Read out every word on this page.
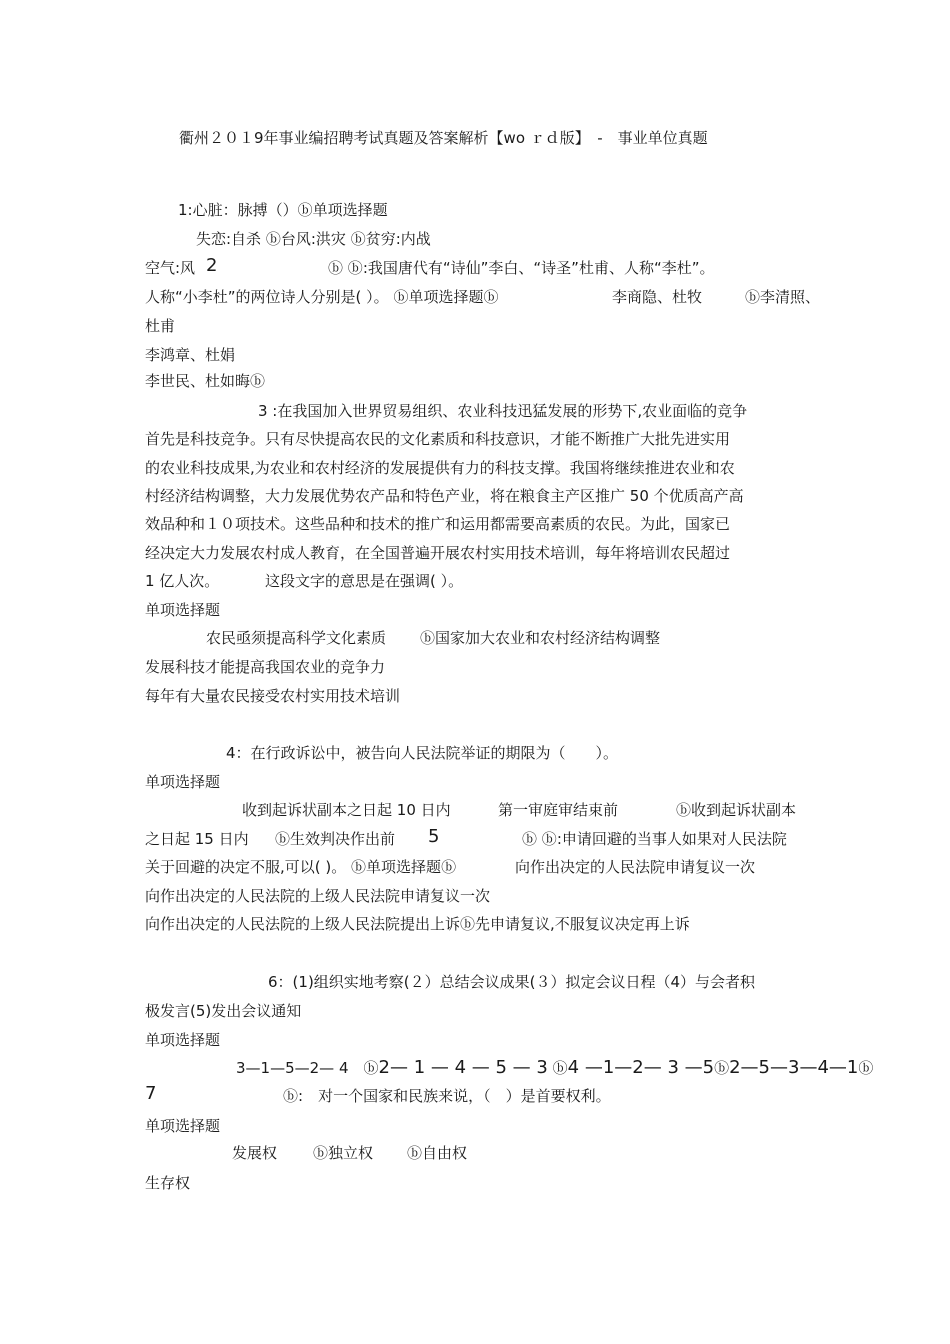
衢州２０１9年事业编招聘考试真题及答案解析【wo ｒｄ版】　-　事业单位真题
1:心脏：脉搏（）ⓑ单项选择题
失恋:自杀 ⓑ台风:洪灾 ⓑ贫穷:内战
空气:风 2	ⓑ ⓑ:我国唐代有“诗仙”李白、“诗圣”杜甫、人称“李杜”。
人称“小李杜”的两位诗人分别是( ）。 ⓑ单项选择题ⓑ	李商隐、杜牧	ⓑ李清照、
杜甫
李鸿章、杜娟
李世民、杜如晦ⓑ
3 :在我国加入世界贸易组织、农业科技迅猛发展的形势下,农业面临的竞争
首先是科技竞争。只有尽快提高农民的文化素质和科技意识，才能不断推广大批先进实用
的农业科技成果,为农业和农村经济的发展提供有力的科技支撑。我国将继续推进农业和农
村经济结构调整，大力发展优势农产品和特色产业，将在粮食主产区推广 50 个优质高产高
效品种和１０项技术。这些品种和技术的推广和运用都需要高素质的农民。为此，国家已
经决定大力发展农村成人教育，在全国普遍开展农村实用技术培训，每年将培训农民超过
1 亿人次。	这段文字的意思是在强调( ）。
单项选择题
农民亟须提高科学文化素质 ⓑ国家加大农业和农村经济结构调整
发展科技才能提高我国农业的竞争力
每年有大量农民接受农村实用技术培训
4：在行政诉讼中，被告向人民法院举证的期限为（　　）。
单项选择题
收到起诉状副本之日起 10 日内	第一审庭审结束前	ⓑ收到起诉状副本
之日起 15 日内 ⓑ生效判决作出前 5	ⓑ ⓑ:申请回避的当事人如果对人民法院
关于回避的决定不服,可以( )。 ⓑ单项选择题ⓑ	向作出决定的人民法院申请复议一次
向作出决定的人民法院的上级人民法院申请复议一次
向作出决定的人民法院的上级人民法院提出上诉ⓑ先申请复议,不服复议决定再上诉
6：(1)组织实地考察(２）总结会议成果(３）拟定会议日程（4）与会者积
极发言(5)发出会议通知
单项选择题
3—1—5—2— 4　 ⓑ2— 1 — 4 — 5 — 3 ⓑ4 —1—2— 3 —5ⓑ2—5—3—4—1ⓑ
7	ⓑ:　对一个国家和民族来说，（　）是首要权利。
单项选择题
发展权 ⓑ独立权 ⓑ自由权
生存权
